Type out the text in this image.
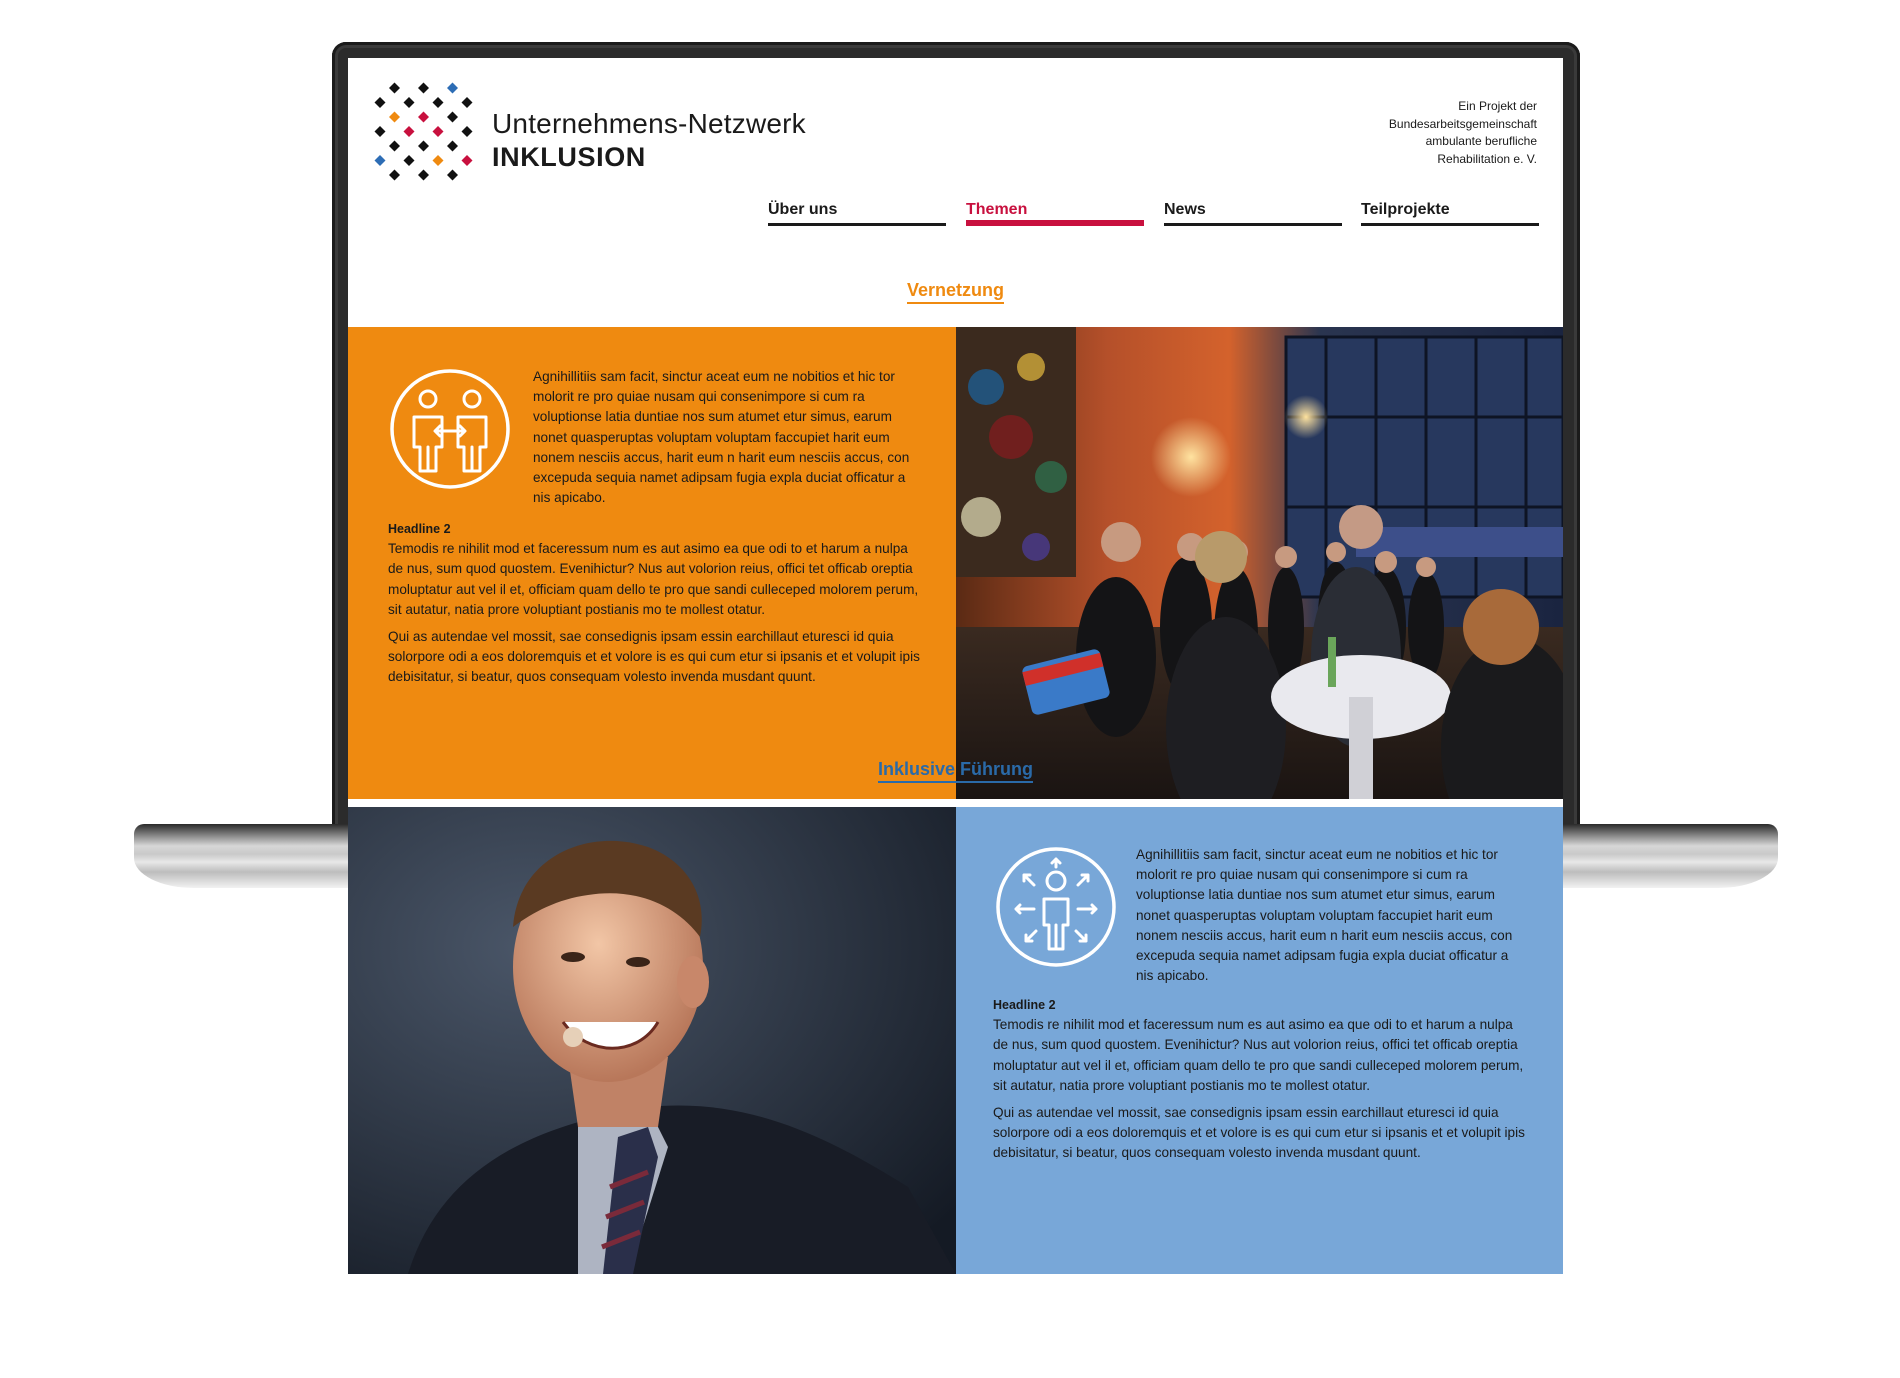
Unternehmens-Netzwerk
INKLUSION
Ein Projekt der
Bundesarbeitsgemeinschaft
ambulante berufliche
Rehabilitation e. V.
Über uns	Themen	News	Teilprojekte
Vernetzung
Agnihillitiis sam facit, sinctur aceat eum ne nobitios et hic tor molorit re pro quiae nusam qui consenimpore si cum ra voluptionse latia duntiae nos sum atumet etur simus, earum nonet quasperuptas voluptam voluptam faccupiet harit eum nonem nesciis accus, harit eum n harit eum nesciis accus, con excepuda sequia namet adipsam fugia expla duciat officatur a nis apicabo.
Headline 2

Temodis re nihilit mod et faceressum num es aut asimo ea que odi to et harum a nulpa de nus, sum quod quostem. Evenihictur? Nus aut volorion reius, offici tet officab oreptia moluptatur aut vel il et, officiam quam dello te pro que sandi culleceped molorem perum, sit autatur, natia prore voluptiant postianis mo te mollest otatur.

Qui as autendae vel mossit, sae consedignis ipsam essin earchillaut eturesci id quia solorpore odi a eos doloremquis et et volore is es qui cum etur si ipsanis et et volupit ipis debisitatur, si beatur, quos consequam volesto invenda musdant quunt.

Inklusive Führung
Agnihillitiis sam facit, sinctur aceat eum ne nobitios et hic tor molorit re pro quiae nusam qui consenimpore si cum ra voluptionse latia duntiae nos sum atumet etur simus, earum nonet quasperuptas voluptam voluptam faccupiet harit eum nonem nesciis accus, harit eum n harit eum nesciis accus, con excepuda sequia namet adipsam fugia expla duciat officatur a nis apicabo.
Headline 2

Temodis re nihilit mod et faceressum num es aut asimo ea que odi to et harum a nulpa de nus, sum quod quostem. Evenihictur? Nus aut volorion reius, offici tet officab oreptia moluptatur aut vel il et, officiam quam dello te pro que sandi culleceped molorem perum, sit autatur, natia prore voluptiant postianis mo te mollest otatur.

Qui as autendae vel mossit, sae consedignis ipsam essin earchillaut eturesci id quia solorpore odi a eos doloremquis et et volore is es qui cum etur si ipsanis et et volupit ipis debisitatur, si beatur, quos consequam volesto invenda musdant quunt.
